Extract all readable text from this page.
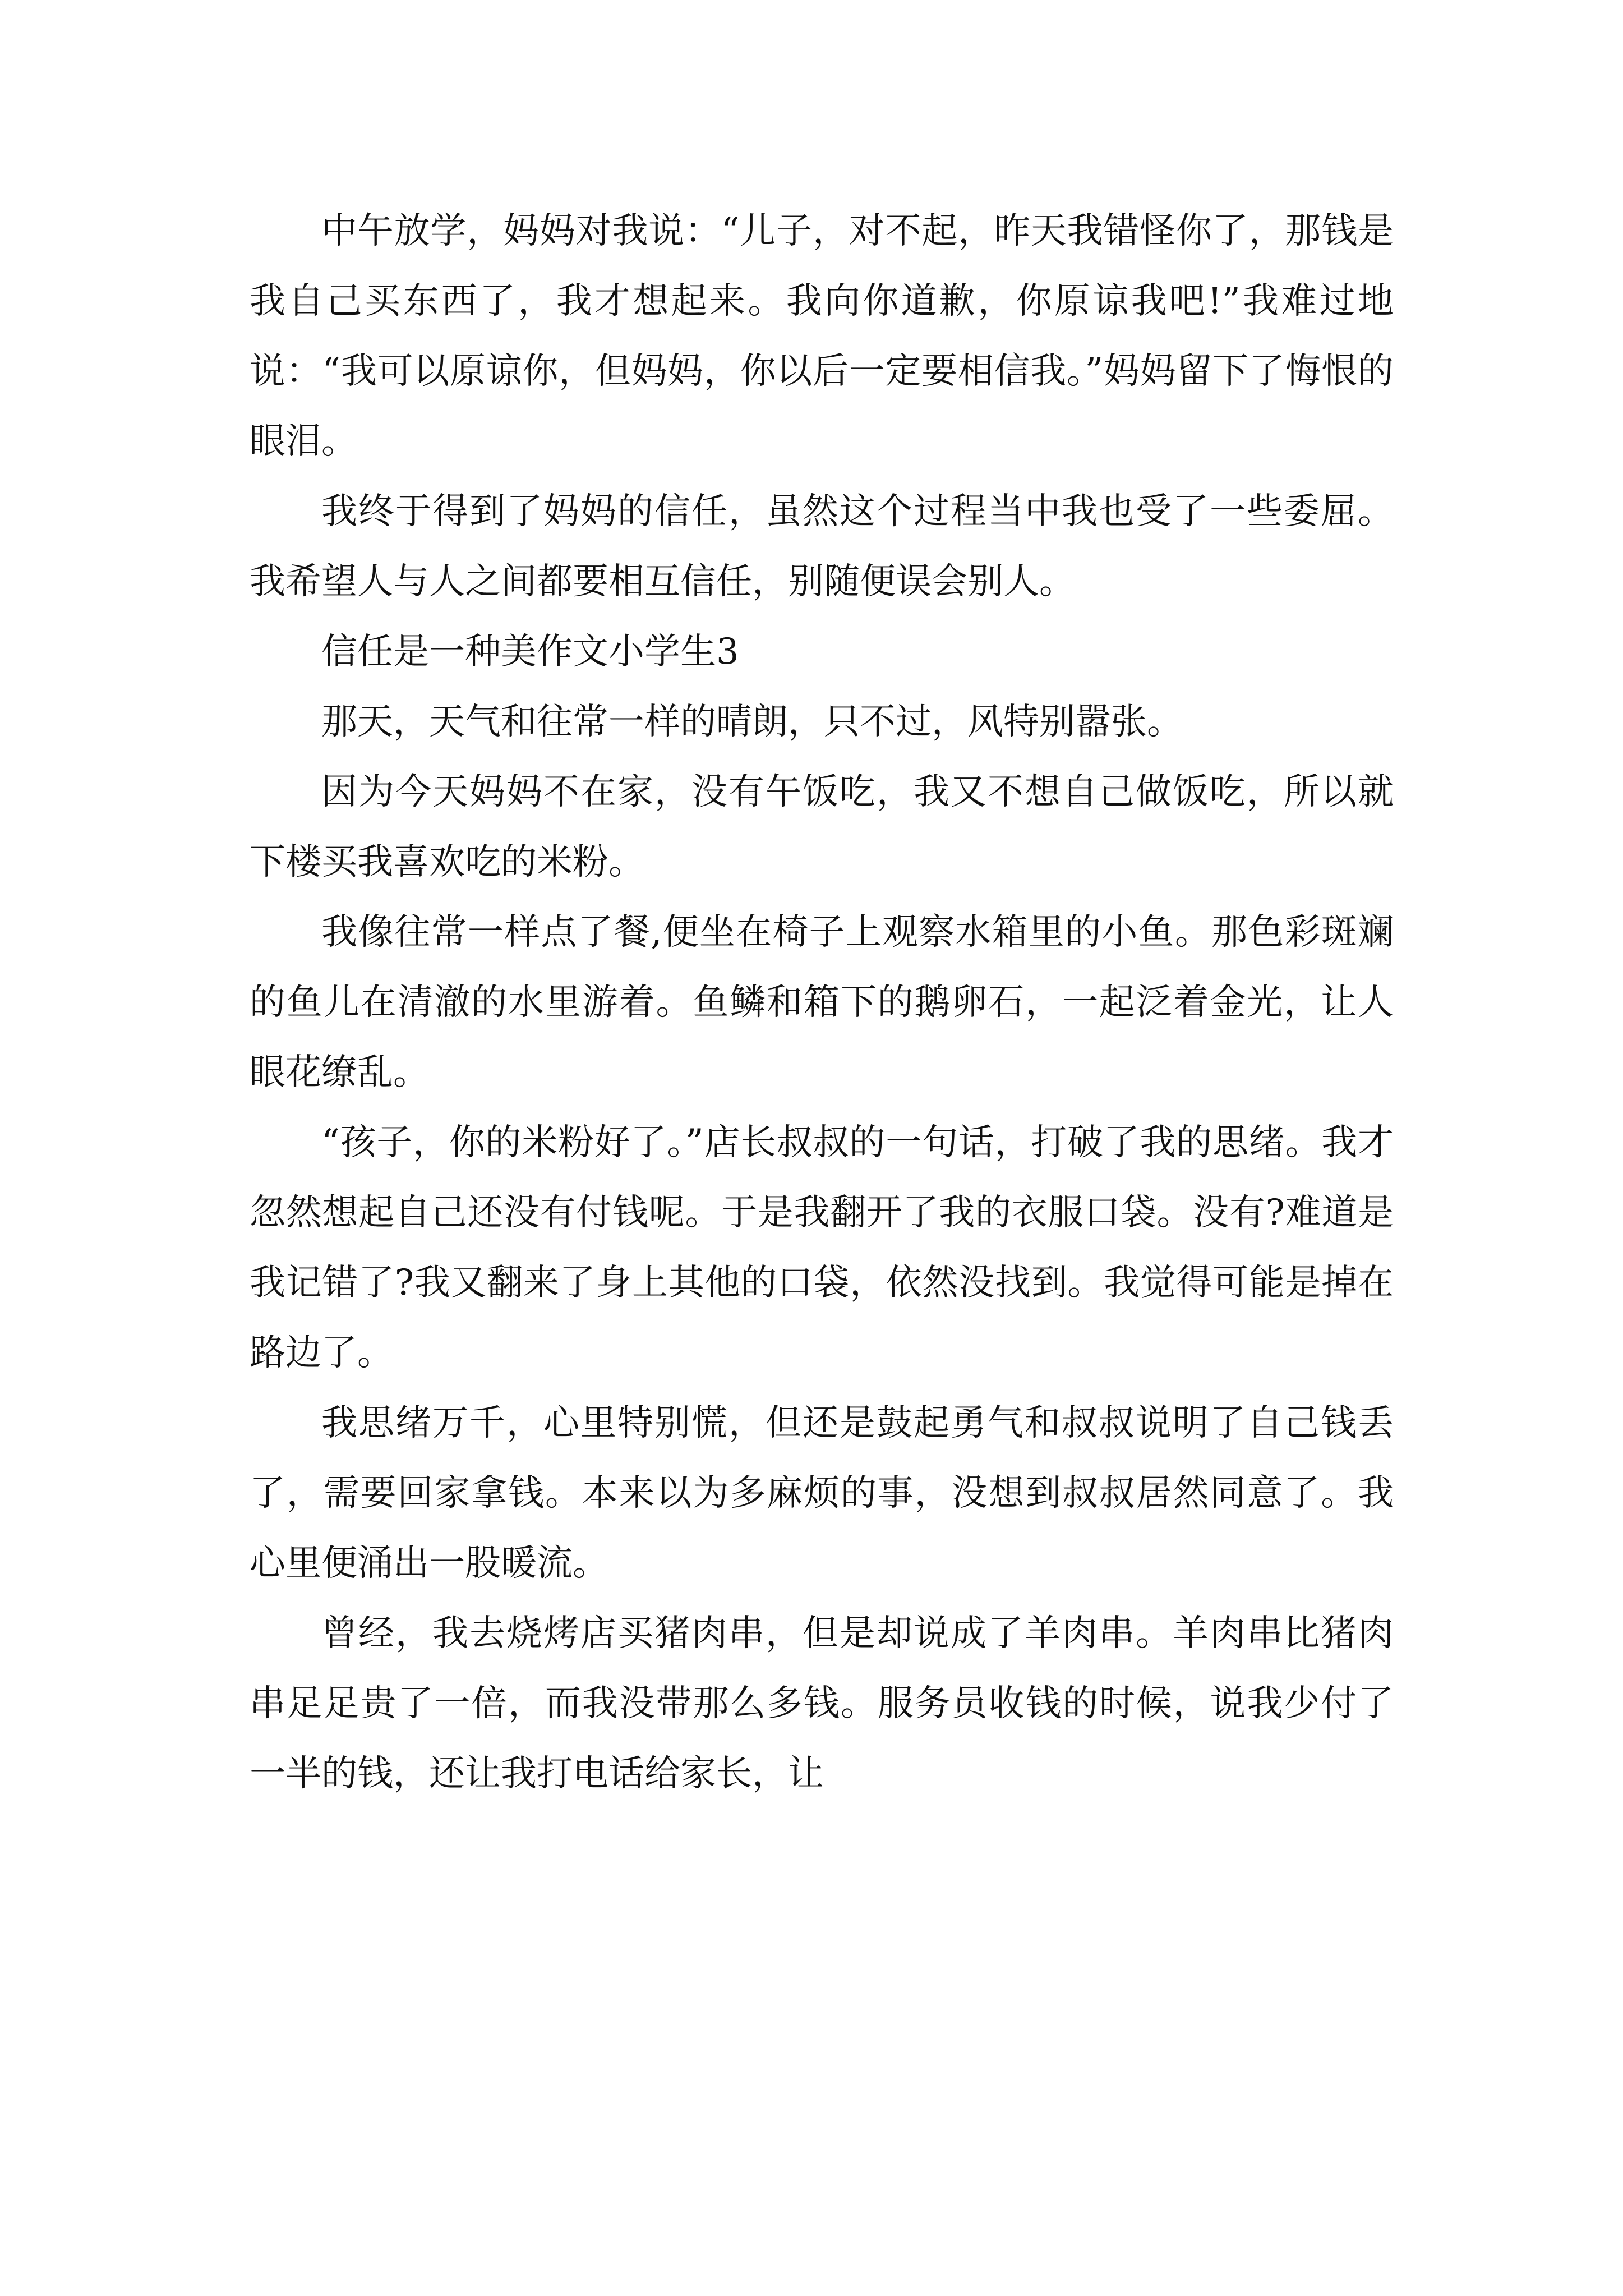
中午放学，妈妈对我说：“儿子，对不起，昨天我错怪你了，那钱是我自己买东西了，我才想起来。我向你道歉，你原谅我吧!”我难过地说：“我可以原谅你，但妈妈，你以后一定要相信我。”妈妈留下了悔恨的眼泪。

我终于得到了妈妈的信任，虽然这个过程当中我也受了一些委屈。我希望人与人之间都要相互信任，别随便误会别人。

信任是一种美作文小学生3

那天，天气和往常一样的晴朗，只不过，风特别嚣张。

因为今天妈妈不在家，没有午饭吃，我又不想自己做饭吃，所以就下楼买我喜欢吃的米粉。

我像往常一样点了餐,便坐在椅子上观察水箱里的小鱼。那色彩斑斓的鱼儿在清澈的水里游着。鱼鳞和箱下的鹅卵石，一起泛着金光，让人眼花缭乱。

“孩子，你的米粉好了。”店长叔叔的一句话，打破了我的思绪。我才忽然想起自己还没有付钱呢。于是我翻开了我的衣服口袋。没有?难道是我记错了?我又翻来了身上其他的口袋，依然没找到。我觉得可能是掉在路边了。

我思绪万千，心里特别慌，但还是鼓起勇气和叔叔说明了自己钱丢了，需要回家拿钱。本来以为多麻烦的事，没想到叔叔居然同意了。我心里便涌出一股暖流。

曾经，我去烧烤店买猪肉串，但是却说成了羊肉串。羊肉串比猪肉串足足贵了一倍，而我没带那么多钱。服务员收钱的时候，说我少付了一半的钱，还让我打电话给家长，让
